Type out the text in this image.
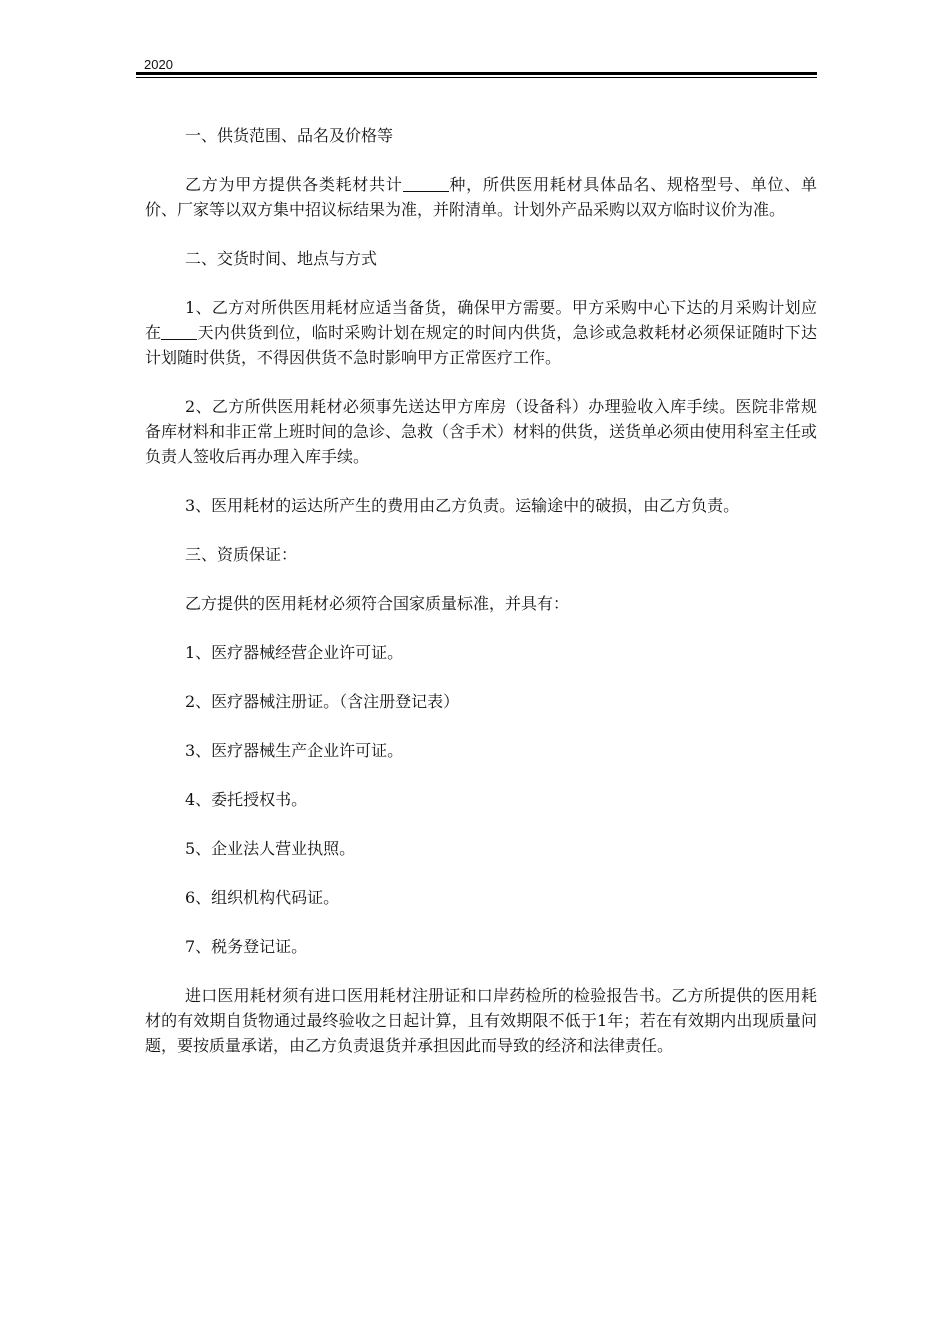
2020

一、供货范围、品名及价格等

乙方为甲方提供各类耗材共计	种，所供医用耗材具体品名、规格型号、单位、单价、厂家等以双方集中招议标结果为准，并附清单。计划外产品采购以双方临时议价为准。

二、交货时间、地点与方式

1、乙方对所供医用耗材应适当备货，确保甲方需要。甲方采购中心下达的月采购计划应在 天内供货到位，临时采购计划在规定的时间内供货，急诊或急救耗材必须保证随时下达计划随时供货，不得因供货不急时影响甲方正常医疗工作。

2、乙方所供医用耗材必须事先送达甲方库房（设备科）办理验收入库手续。医院非常规备库材料和非正常上班时间的急诊、急救（含手术）材料的供货，送货单必须由使用科室主任或负责人签收后再办理入库手续。

3、医用耗材的运达所产生的费用由乙方负责。运输途中的破损，由乙方负责。

三、资质保证：

乙方提供的医用耗材必须符合国家质量标准，并具有：

1、医疗器械经营企业许可证。

2、医疗器械注册证。（含注册登记表）

3、医疗器械生产企业许可证。

4、委托授权书。

5、企业法人营业执照。

6、组织机构代码证。

7、税务登记证。

进口医用耗材须有进口医用耗材注册证和口岸药检所的检验报告书。乙方所提供的医用耗材的有效期自货物通过最终验收之日起计算，且有效期限不低于1年；若在有效期内出现质量问题，要按质量承诺，由乙方负责退货并承担因此而导致的经济和法律责任。
